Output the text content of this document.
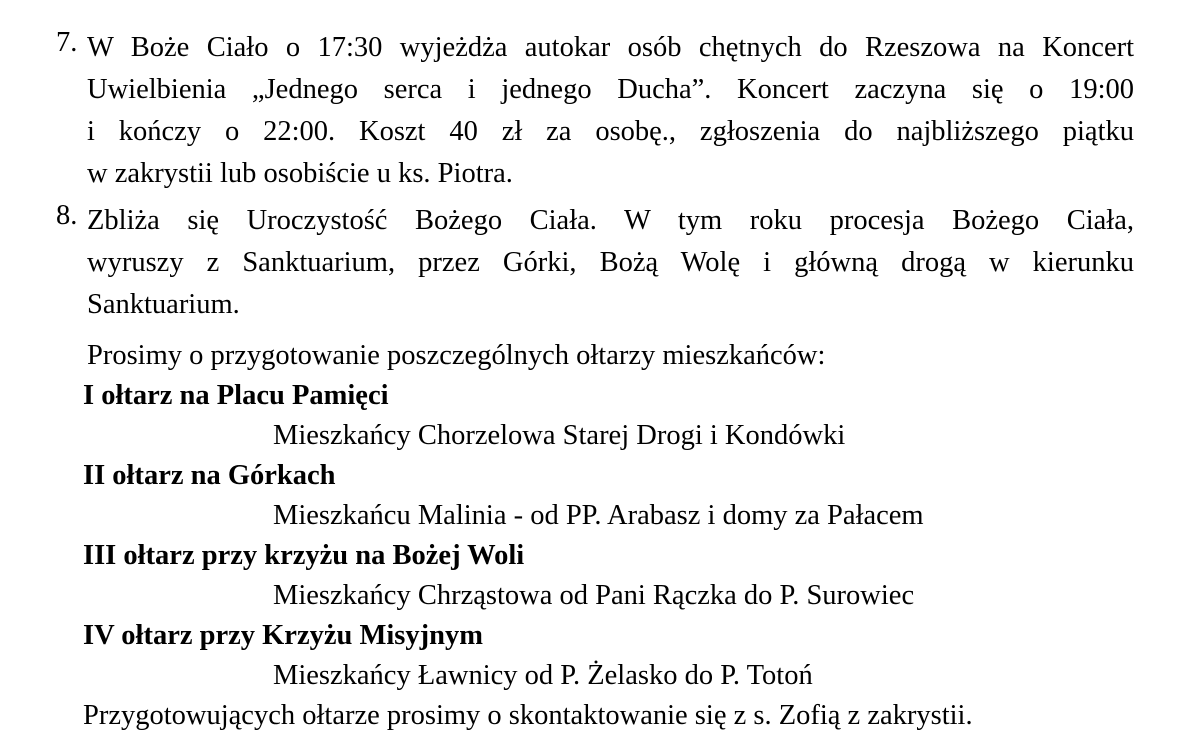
7. W Boże Ciało o 17:30 wyjeżdża autokar osób chętnych do Rzeszowa na Koncert
Uwielbienia „Jednego serca i jednego Ducha”. Koncert zaczyna się o 19:00
i kończy o 22:00. Koszt 40 zł za osobę., zgłoszenia do najbliższego piątku
w zakrystii lub osobiście u ks. Piotra.
8. Zbliża się Uroczystość Bożego Ciała. W tym roku procesja Bożego Ciała,
wyruszy z Sanktuarium, przez Górki, Bożą Wolę i główną drogą w kierunku
Sanktuarium.
Prosimy o przygotowanie poszczególnych ołtarzy mieszkańców:
I ołtarz na Placu Pamięci
Mieszkańcy Chorzelowa Starej Drogi i Kondówki
II ołtarz na Górkach
Mieszkańcu Malinia - od PP. Arabasz i domy za Pałacem
III ołtarz przy krzyżu na Bożej Woli
Mieszkańcy Chrząstowa od Pani Rączka do P. Surowiec
IV ołtarz przy Krzyżu Misyjnym
Mieszkańcy Ławnicy od P. Żelasko do P. Totoń
Przygotowujących ołtarze prosimy o skontaktowanie się z s. Zofią z zakrystii.
